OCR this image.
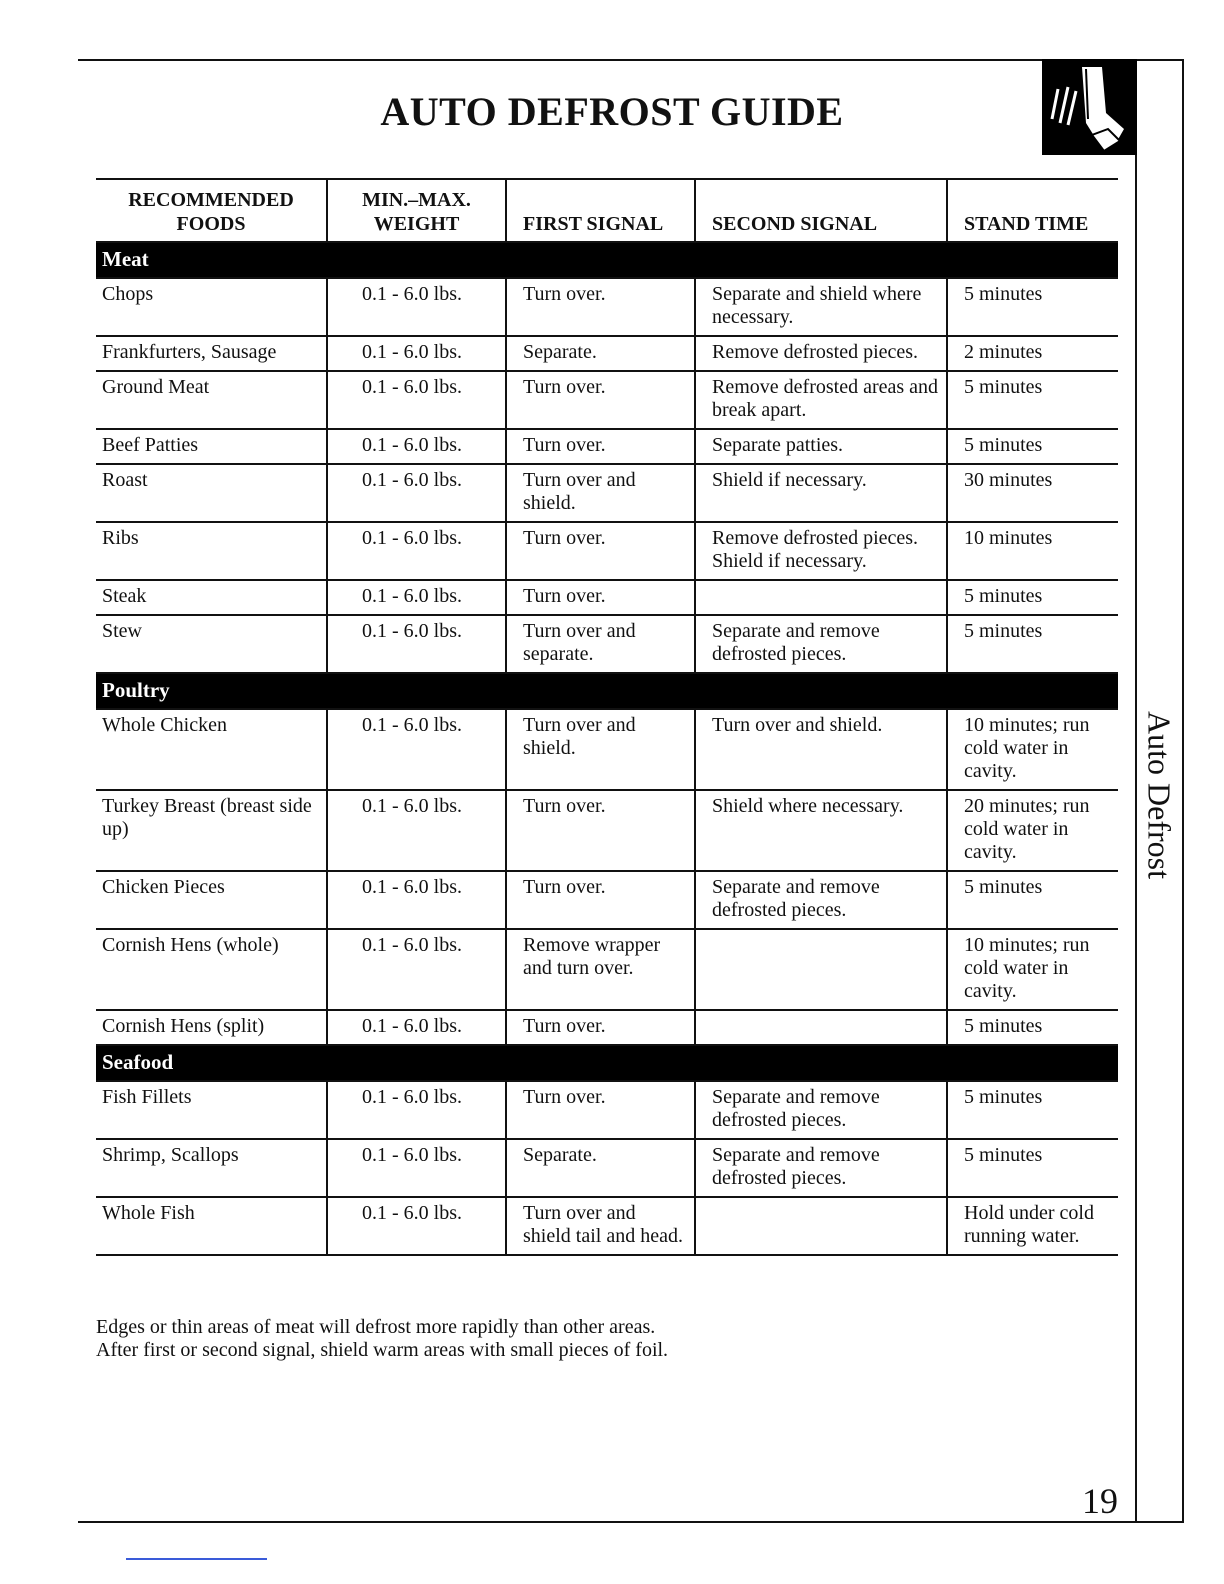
AUTO DEFROST GUIDE
Auto Defrost
RECOMMENDED FOODS	MIN.–MAX. WEIGHT	FIRST SIGNAL	SECOND SIGNAL	STAND TIME
Meat				
Chops	0.1 - 6.0 lbs.	Turn over.	Separate and shield where necessary.	5 minutes
Frankfurters, Sausage	0.1 - 6.0 lbs.	Separate.	Remove defrosted pieces.	2 minutes
Ground Meat	0.1 - 6.0 lbs.	Turn over.	Remove defrosted areas and break apart.	5 minutes
Beef Patties	0.1 - 6.0 lbs.	Turn over.	Separate patties.	5 minutes
Roast	0.1 - 6.0 lbs.	Turn over and shield.	Shield if necessary.	30 minutes
Ribs	0.1 - 6.0 lbs.	Turn over.	Remove defrosted pieces. Shield if necessary.	10 minutes
Steak	0.1 - 6.0 lbs.	Turn over.		5 minutes
Stew	0.1 - 6.0 lbs.	Turn over and separate.	Separate and remove defrosted pieces.	5 minutes
Poultry				
Whole Chicken	0.1 - 6.0 lbs.	Turn over and shield.	Turn over and shield.	10 minutes; run cold water in cavity.
Turkey Breast (breast side up)	0.1 - 6.0 lbs.	Turn over.	Shield where necessary.	20 minutes; run cold water in cavity.
Chicken Pieces	0.1 - 6.0 lbs.	Turn over.	Separate and remove defrosted pieces.	5 minutes
Cornish Hens (whole)	0.1 - 6.0 lbs.	Remove wrapper and turn over.		10 minutes; run cold water in cavity.
Cornish Hens (split)	0.1 - 6.0 lbs.	Turn over.		5 minutes
Seafood				
Fish Fillets	0.1 - 6.0 lbs.	Turn over.	Separate and remove defrosted pieces.	5 minutes
Shrimp, Scallops	0.1 - 6.0 lbs.	Separate.	Separate and remove defrosted pieces.	5 minutes
Whole Fish	0.1 - 6.0 lbs.	Turn over and shield tail and head.		Hold under cold running water.
Edges or thin areas of meat will defrost more rapidly than other areas.
After first or second signal, shield warm areas with small pieces of foil.
19
